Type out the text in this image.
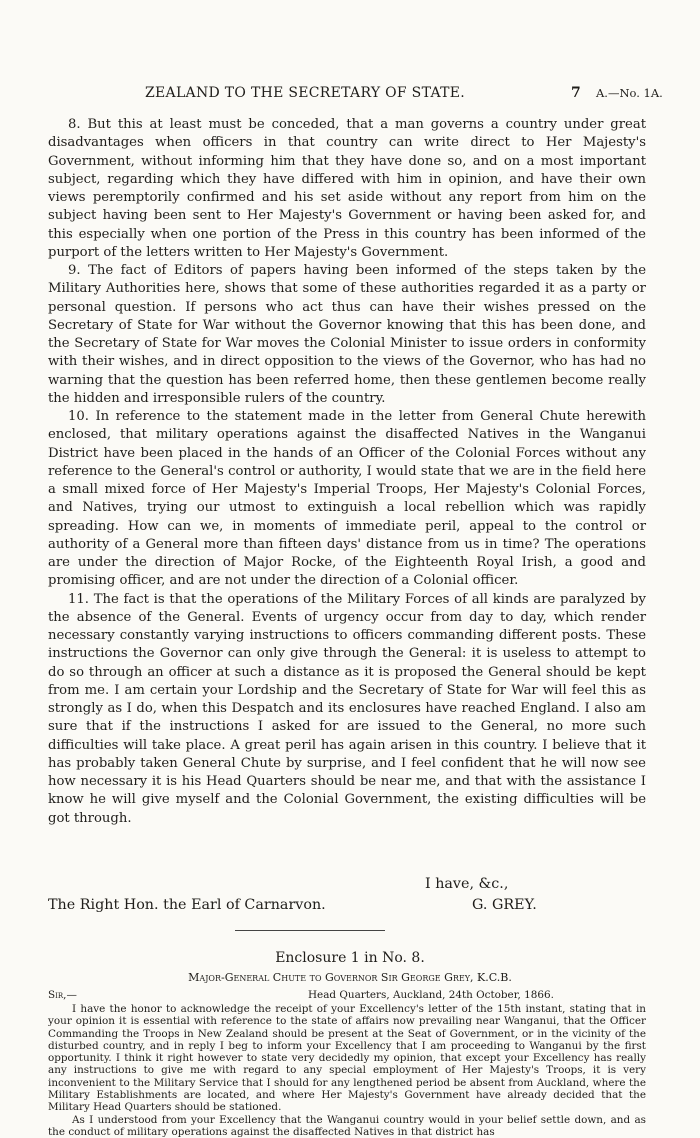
ZEALAND TO THE SECRETARY OF STATE.	7 A.—No. 1A.

8. But this at least must be conceded, that a man governs a country under great disadvantages when officers in that country can write direct to Her Majesty's Government, without informing him that they have done so, and on a most important subject, regarding which they have differed with him in opinion, and have their own views peremptorily confirmed and his set aside without any report from him on the subject having been sent to Her Majesty's Government or having been asked for, and this especially when one portion of the Press in this country has been informed of the purport of the letters written to Her Majesty's Government.

9. The fact of Editors of papers having been informed of the steps taken by the Military Authorities here, shows that some of these authorities regarded it as a party or personal question. If persons who act thus can have their wishes pressed on the Secretary of State for War without the Governor knowing that this has been done, and the Secretary of State for War moves the Colonial Minister to issue orders in conformity with their wishes, and in direct opposition to the views of the Governor, who has had no warning that the question has been referred home, then these gentlemen become really the hidden and irresponsible rulers of the country.

10. In reference to the statement made in the letter from General Chute herewith enclosed, that military operations against the disaffected Natives in the Wanganui District have been placed in the hands of an Officer of the Colonial Forces without any reference to the General's control or authority, I would state that we are in the field here a small mixed force of Her Majesty's Imperial Troops, Her Majesty's Colonial Forces, and Natives, trying our utmost to extinguish a local rebellion which was rapidly spreading. How can we, in moments of immediate peril, appeal to the control or authority of a General more than fifteen days' distance from us in time? The operations are under the direction of Major Rocke, of the Eighteenth Royal Irish, a good and promising officer, and are not under the direction of a Colonial officer.

11. The fact is that the operations of the Military Forces of all kinds are paralyzed by the absence of the General. Events of urgency occur from day to day, which render necessary constantly varying instructions to officers commanding different posts. These instructions the Governor can only give through the General: it is useless to attempt to do so through an officer at such a distance as it is proposed the General should be kept from me. I am certain your Lordship and the Secretary of State for War will feel this as strongly as I do, when this Despatch and its enclosures have reached England. I also am sure that if the instructions I asked for are issued to the General, no more such difficulties will take place. A great peril has again arisen in this country. I believe that it has probably taken General Chute by surprise, and I feel confident that he will now see how necessary it is his Head Quarters should be near me, and that with the assistance I know he will give myself and the Colonial Government, the existing difficulties will be got through.

I have, &c.,
The Right Hon. the Earl of Carnarvon.	G. GREY.
Enclosure 1 in No. 8.
Major-General Chute to Governor Sir George Grey, K.C.B.
Sir,—	Head Quarters, Auckland, 24th October, 1866.

I have the honor to acknowledge the receipt of your Excellency's letter of the 15th instant, stating that in your opinion it is essential with reference to the state of affairs now prevailing near Wanganui, that the Officer Commanding the Troops in New Zealand should be present at the Seat of Government, or in the vicinity of the disturbed country, and in reply I beg to inform your Excellency that I am proceeding to Wanganui by the first opportunity. I think it right however to state very decidedly my opinion, that except your Excellency has really any instructions to give me with regard to any special employment of Her Majesty's Troops, it is very inconvenient to the Military Service that I should for any lengthened period be absent from Auckland, where the Military Establishments are located, and where Her Majesty's Government have already decided that the Military Head Quarters should be stationed.

As I understood from your Excellency that the Wanganui country would in your belief settle down, and as the conduct of military operations against the disaffected Natives in that district has
